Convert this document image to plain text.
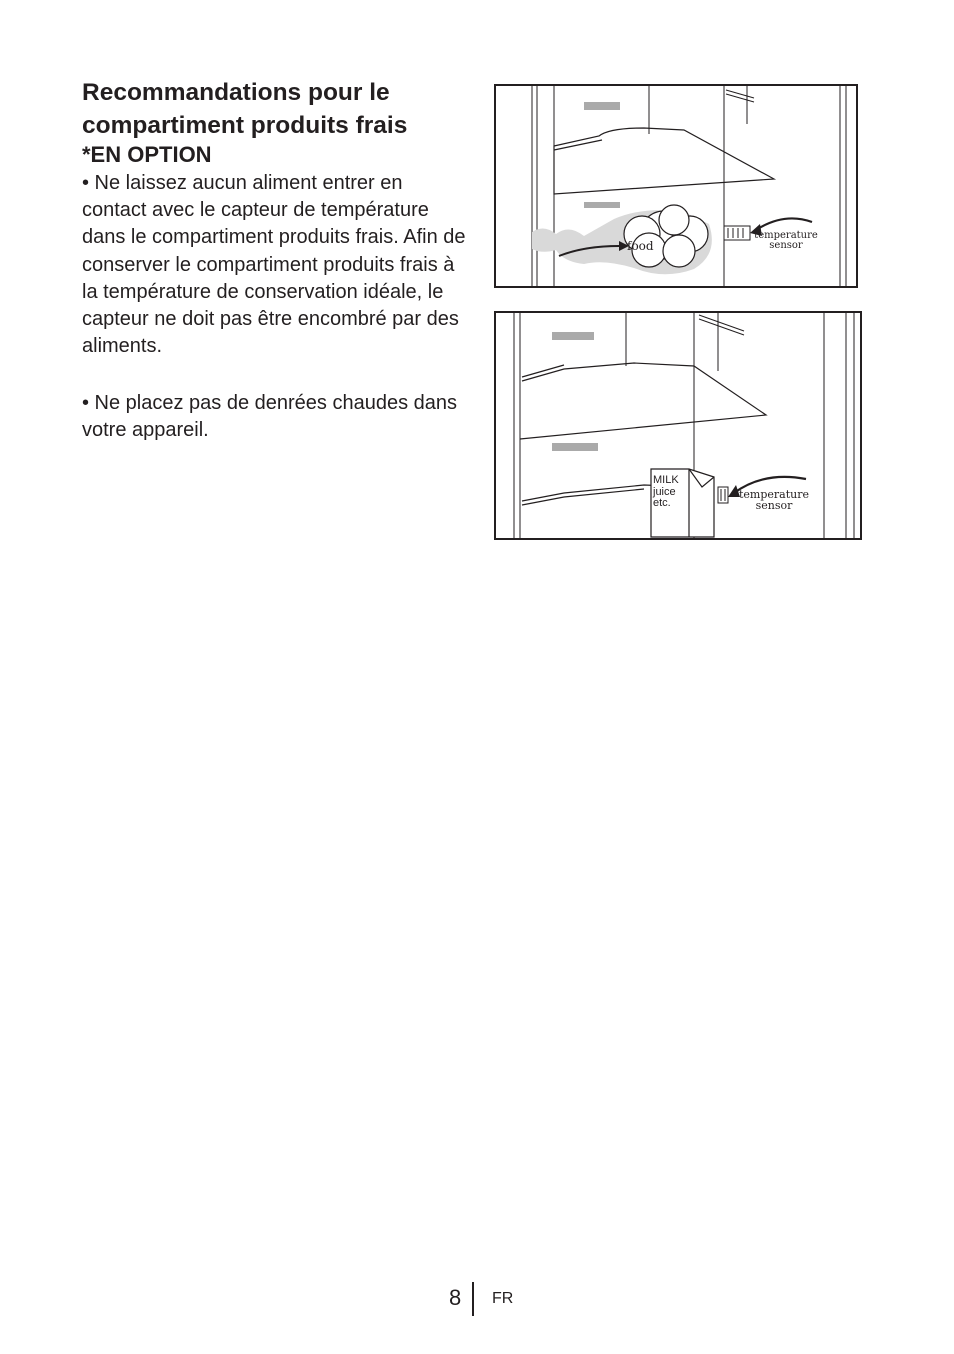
Recommandations pour le compartiment produits frais
*EN OPTION

• Ne laissez aucun aliment entrer en contact avec le capteur de température dans le compartiment produits frais. Afin de conserver le compartiment produits frais à la température de conservation idéale, le capteur ne doit pas être encombré par des aliments.

• Ne placez pas de denrées chaudes dans votre appareil.

food
temperature
sensor
MILK
juice
etc.
temperature
sensor
8 FR
